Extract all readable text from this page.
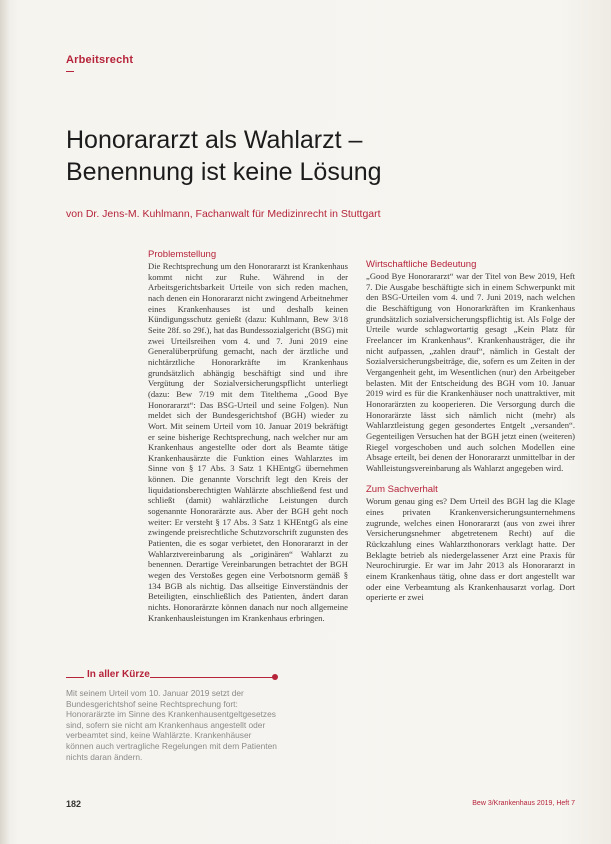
Arbeitsrecht
Honorararzt als Wahlarzt –
Benennung ist keine Lösung
von Dr. Jens-M. Kuhlmann, Fachanwalt für Medizinrecht in Stuttgart

Problemstellung

Die Rechtsprechung um den Honorararzt ist Krankenhaus kommt nicht zur Ruhe. Während in der Arbeitsgerichtsbarkeit Urteile von sich reden machen, nach denen ein Honorararzt nicht zwingend Arbeitnehmer eines Krankenhauses ist und deshalb keinen Kündigungsschutz genießt (dazu: Kuhlmann, Bew 3/18 Seite 28f. so 29f.), hat das Bundessozialgericht (BSG) mit zwei Urteilsreihen vom 4. und 7. Juni 2019 eine Generalüberprüfung gemacht, nach der ärztliche und nichtärztliche Honorarkräfte im Krankenhaus grundsätzlich abhängig beschäftigt sind und ihre Vergütung der Sozialversicherungspflicht unterliegt (dazu: Bew 7/19 mit dem Titelthema „Good Bye Honorararzt“: Das BSG-Urteil und seine Folgen). Nun meldet sich der Bundesgerichtshof (BGH) wieder zu Wort. Mit seinem Urteil vom 10. Januar 2019 bekräftigt er seine bisherige Rechtsprechung, nach welcher nur am Krankenhaus angestellte oder dort als Beamte tätige Krankenhausärzte die Funktion eines Wahlarztes im Sinne von § 17 Abs. 3 Satz 1 KHEntgG übernehmen können. Die genannte Vorschrift legt den Kreis der liquidationsberechtigten Wahlärzte abschließend fest und schließt (damit) wahlärztliche Leistungen durch sogenannte Honorarärzte aus. Aber der BGH geht noch weiter: Er versteht § 17 Abs. 3 Satz 1 KHEntgG als eine zwingende preisrechtliche Schutzvorschrift zugunsten des Patienten, die es sogar verbietet, den Honorararzt in der Wahlarztvereinbarung als „originären“ Wahlarzt zu benennen. Derartige Vereinbarungen betrachtet der BGH wegen des Verstoßes gegen eine Verbotsnorm gemäß § 134 BGB als nichtig. Das allseitige Einverständnis der Beteiligten, einschließlich des Patienten, ändert daran nichts. Honorarärzte können danach nur noch allgemeine Krankenhausleistungen im Krankenhaus erbringen.

Wirtschaftliche Bedeutung

„Good Bye Honorararzt“ war der Titel von Bew 2019, Heft 7. Die Ausgabe beschäftigte sich in einem Schwerpunkt mit den BSG-Urteilen vom 4. und 7. Juni 2019, nach welchen die Beschäftigung von Honorarkräften im Krankenhaus grundsätzlich sozialversicherungspflichtig ist. Als Folge der Urteile wurde schlagwortartig gesagt „Kein Platz für Freelancer im Krankenhaus“. Krankenhausträger, die ihr nicht aufpassen, „zahlen drauf“, nämlich in Gestalt der Sozialversicherungsbeiträge, die, sofern es um Zeiten in der Vergangenheit geht, im Wesentlichen (nur) den Arbeitgeber belasten. Mit der Entscheidung des BGH vom 10. Januar 2019 wird es für die Krankenhäuser noch unattraktiver, mit Honorarärzten zu kooperieren. Die Versorgung durch die Honorarärzte lässt sich nämlich nicht (mehr) als Wahlarztleistung gegen gesondertes Entgelt „versanden“. Gegenteiligen Versuchen hat der BGH jetzt einen (weiteren) Riegel vorgeschoben und auch solchen Modellen eine Absage erteilt, bei denen der Honorararzt unmittelbar in der Wahlleistungsvereinbarung als Wahlarzt angegeben wird.

Zum Sachverhalt

Worum genau ging es? Dem Urteil des BGH lag die Klage eines privaten Krankenversicherungsunternehmens zugrunde, welches einen Honorararzt (aus von zwei ihrer Versicherungsnehmer abgetretenem Recht) auf die Rückzahlung eines Wahlarzthonorars verklagt hatte. Der Beklagte betrieb als niedergelassener Arzt eine Praxis für Neurochirurgie. Er war im Jahr 2013 als Honorararzt in einem Krankenhaus tätig, ohne dass er dort angestellt war oder eine Verbeamtung als Krankenhausarzt vorlag. Dort operierte er zwei

In aller Kürze

Mit seinem Urteil vom 10. Januar 2019 setzt der Bundesgerichtshof seine Rechtsprechung fort: Honorarärzte im Sinne des Krankenhausentgeltgesetzes sind, sofern sie nicht am Krankenhaus angestellt oder verbeamtet sind, keine Wahlärzte. Krankenhäuser können auch vertragliche Regelungen mit dem Patienten nichts daran ändern.

182	Bew 3/Krankenhaus 2019, Heft 7
